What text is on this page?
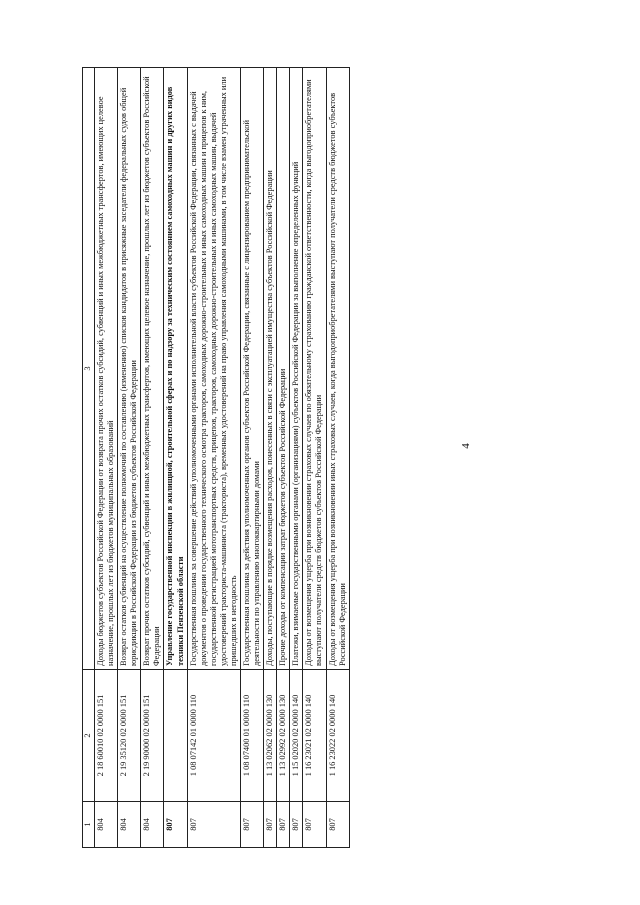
4
1	2	3
804	2 18 60010 02 0000 151	Доходы бюджетов субъектов Российской Федерации от возврата прочих остатков субсидий, субвенций и иных межбюджетных трансфертов, имеющих целевое назначение, прошлых лет из бюджетов муниципальных образований
804	2 19 35120 02 0000 151	Возврат остатков субвенций на осуществление полномочий по составлению (изменению) списков кандидатов в присяжные заседатели федеральных судов общей юрисдикции в Российской Федерации из бюджетов субъектов Российской Федерации
804	2 19 90000 02 0000 151	Возврат прочих остатков субсидий, субвенций и иных межбюджетных трансфертов, имеющих целевое назначение, прошлых лет из бюджетов субъектов Российской Федерации
807		Управление государственной инспекции в жилищной, строительной сферах и по надзору за техническим состоянием самоходных машин и других видов техники Пензенской области
807	1 08 07142 01 0000 110	Государственная пошлина за совершение действий уполномоченными органами исполнительной власти субъектов Российской Федерации, связанных с выдачей документов о проведении государственного технического осмотра тракторов, самоходных дорожно-строительных и иных самоходных машин и прицепов к ним, государственной регистрацией мототранспортных средств, прицепов, тракторов, самоходных дорожно-строительных и иных самоходных машин, выдачей удостоверений тракториста-машиниста (тракториста), временных удостоверений на право управления самоходными машинами, в том числе взамен утраченных или пришедших в негодность
807	1 08 07400 01 0000 110	Государственная пошлина за действия уполномоченных органов субъектов Российской Федерации, связанные с лицензированием предпринимательской деятельности по управлению многоквартирными домами
807	1 13 02062 02 0000 130	Доходы, поступающие в порядке возмещения расходов, понесенных в связи с эксплуатацией имущества субъектов Российской Федерации
807	1 13 02992 02 0000 130	Прочие доходы от компенсации затрат бюджетов субъектов Российской Федерации
807	1 15 02020 02 0000 140	Платежи, взимаемые государственными органами (организациями) субъектов Российской Федерации за выполнение определенных функций
807	1 16 23021 02 0000 140	Доходы от возмещения ущерба при возникновении страховых случаев по обязательному страхованию гражданской ответственности, когда выгодоприобретателями выступают получатели средств бюджетов субъектов Российской Федерации
807	1 16 23022 02 0000 140	Доходы от возмещения ущерба при возникновении иных страховых случаев, когда выгодоприобретателями выступают получатели средств бюджетов субъектов Российской Федерации
